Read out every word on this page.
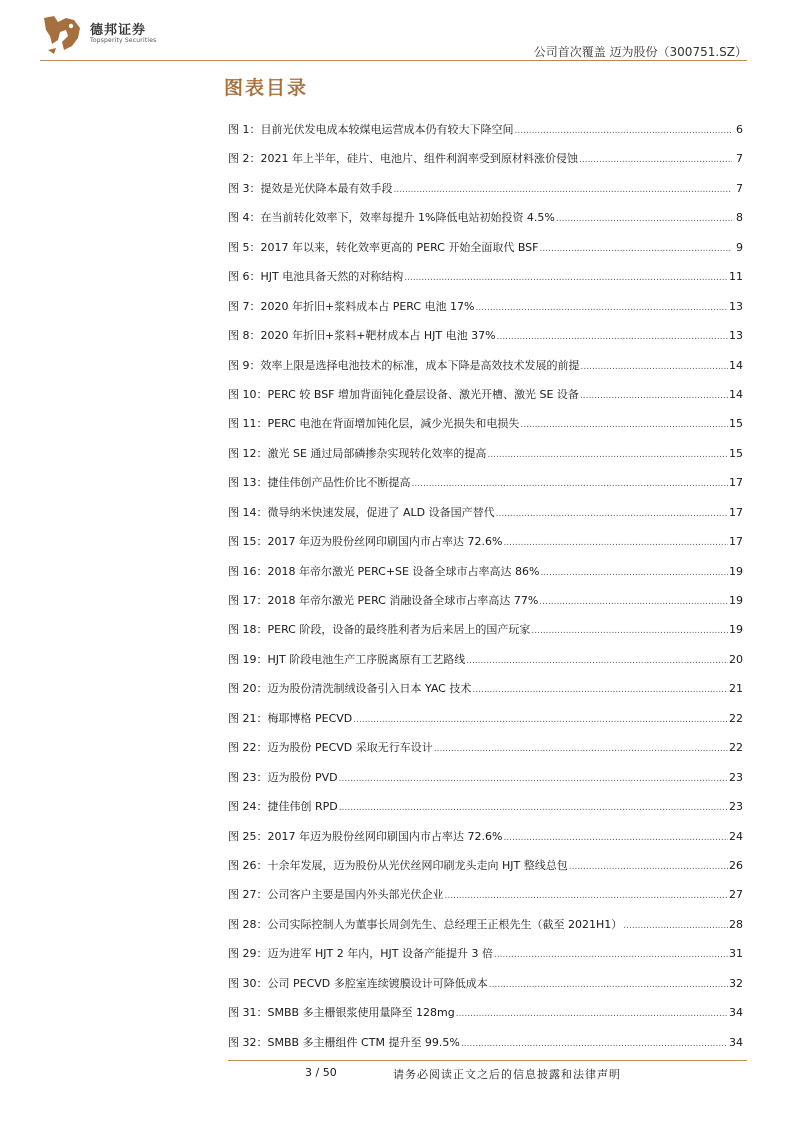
德邦证券
Topsperity Securities
公司首次覆盖 迈为股份（300751.SZ）
图表目录
图 1：目前光伏发电成本较煤电运营成本仍有较大下降空间 .....	6
图 2：2021 年上半年，硅片、电池片、组件利润率受到原材料涨价侵蚀 .....	7
图 3：提效是光伏降本最有效手段 .....	7
图 4：在当前转化效率下，效率每提升 1%降低电站初始投资 4.5% .....	8
图 5：2017 年以来，转化效率更高的 PERC 开始全面取代 BSF .....	9
图 6：HJT 电池具备天然的对称结构 .....	11
图 7：2020 年折旧+浆料成本占 PERC 电池 17% .....	13
图 8：2020 年折旧+浆料+靶材成本占 HJT 电池 37% .....	13
图 9：效率上限是选择电池技术的标准，成本下降是高效技术发展的前提 .....	14
图 10：PERC 较 BSF 增加背面钝化叠层设备、激光开槽、激光 SE 设备 .....	14
图 11：PERC 电池在背面增加钝化层，减少光损失和电损失 .....	15
图 12：激光 SE 通过局部磷掺杂实现转化效率的提高 .....	15
图 13：捷佳伟创产品性价比不断提高 .....	17
图 14：微导纳米快速发展，促进了 ALD 设备国产替代 .....	17
图 15：2017 年迈为股份丝网印刷国内市占率达 72.6% .....	17
图 16：2018 年帝尔激光 PERC+SE 设备全球市占率高达 86% .....	19
图 17：2018 年帝尔激光 PERC 消融设备全球市占率高达 77% .....	19
图 18：PERC 阶段，设备的最终胜利者为后来居上的国产玩家 .....	19
图 19：HJT 阶段电池生产工序脱离原有工艺路线 .....	20
图 20：迈为股份清洗制绒设备引入日本 YAC 技术 .....	21
图 21：梅耶博格 PECVD .....	22
图 22：迈为股份 PECVD 采取无行车设计 .....	22
图 23：迈为股份 PVD .....	23
图 24：捷佳伟创 RPD .....	23
图 25：2017 年迈为股份丝网印刷国内市占率达 72.6% .....	24
图 26：十余年发展，迈为股份从光伏丝网印刷龙头走向 HJT 整线总包 .....	26
图 27：公司客户主要是国内外头部光伏企业 .....	27
图 28：公司实际控制人为董事长周剑先生、总经理王正根先生（截至 2021H1） .....	28
图 29：迈为进军 HJT 2 年内，HJT 设备产能提升 3 倍 .....	31
图 30：公司 PECVD 多腔室连续镀膜设计可降低成本 .....	32
图 31：SMBB 多主栅银浆使用量降至 128mg .....	34
图 32：SMBB 多主栅组件 CTM 提升至 99.5% .....	34
3 / 50	请务必阅读正文之后的信息披露和法律声明
